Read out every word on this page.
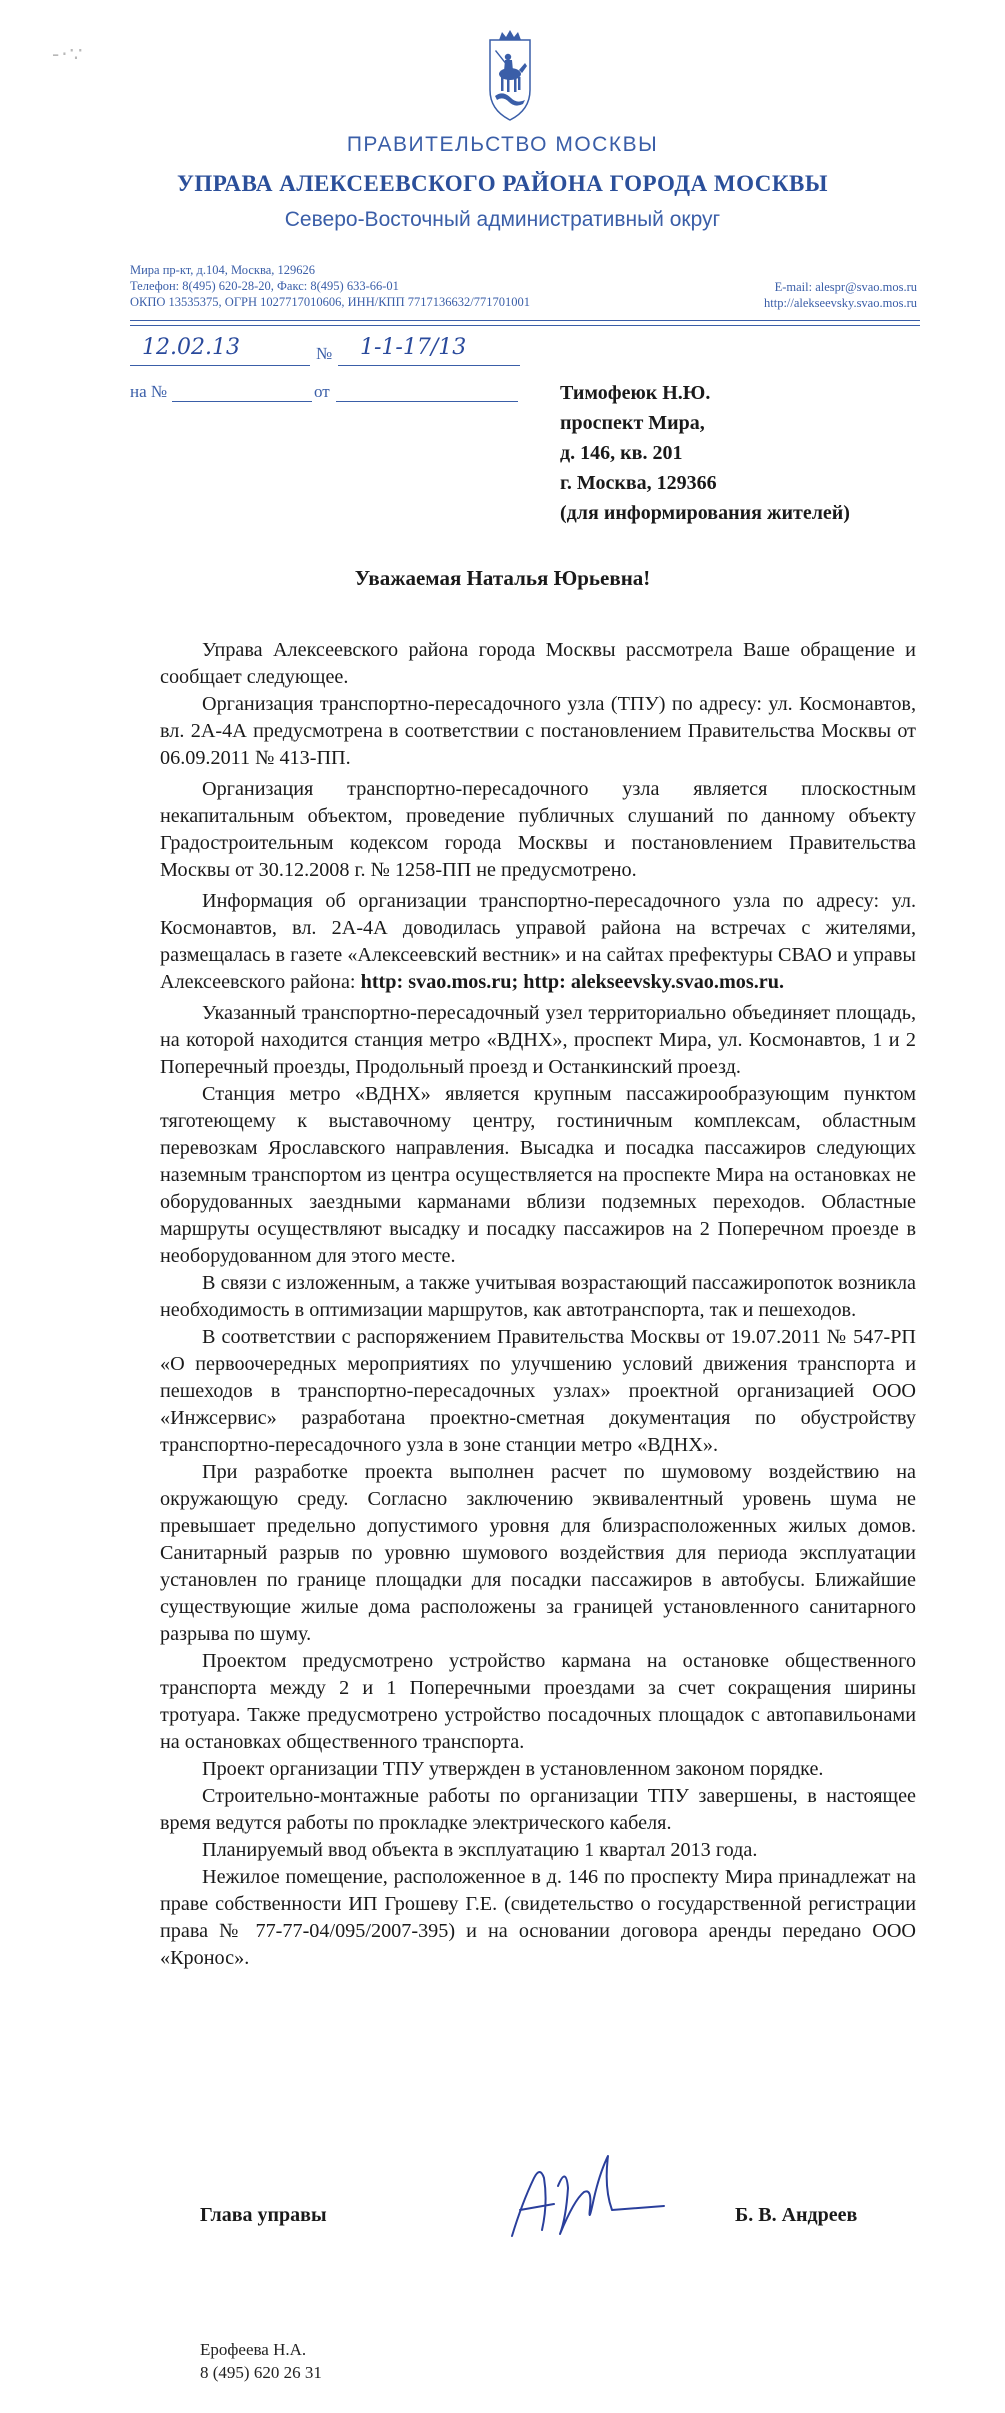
-·∵
ПРАВИТЕЛЬСТВО МОСКВЫ
УПРАВА АЛЕКСЕЕВСКОГО РАЙОНА ГОРОДА МОСКВЫ
Северо-Восточный административный округ
Мира пр-кт, д.104, Москва, 129626
Телефон: 8(495) 620-28-20, Факс: 8(495) 633-66-01
ОКПО 13535375, ОГРН 1027717010606, ИНН/КПП 7717136632/771701001
E-mail: alespr@svao.mos.ru
http://alekseevsky.svao.mos.ru
12.02.13	№ 1-1-17/13
на №	от	Тимофеюк Н.Ю.
проспект Мира,
д. 146, кв. 201
г. Москва, 129366
(для информирования жителей)
Уважаемая Наталья Юрьевна!

Управа Алексеевского района города Москвы рассмотрела Ваше обращение и сообщает следующее.

Организация транспортно-пересадочного узла (ТПУ) по адресу: ул. Космонавтов, вл. 2А-4А предусмотрена в соответствии с постановлением Правительства Москвы от 06.09.2011 № 413-ПП.

Организация транспортно-пересадочного узла является плоскостным некапитальным объектом, проведение публичных слушаний по данному объекту Градостроительным кодексом города Москвы и постановлением Правительства Москвы от 30.12.2008 г. № 1258-ПП не предусмотрено.

Информация об организации транспортно-пересадочного узла по адресу: ул. Космонавтов, вл. 2А-4А доводилась управой района на встречах с жителями, размещалась в газете «Алексеевский вестник» и на сайтах префектуры СВАО и управы Алексеевского района: http: svao.mos.ru; http: alekseevsky.svao.mos.ru.

Указанный транспортно-пересадочный узел территориально объединяет площадь, на которой находится станция метро «ВДНХ», проспект Мира, ул. Космонавтов, 1 и 2 Поперечный проезды, Продольный проезд и Останкинский проезд.

Станция метро «ВДНХ» является крупным пассажирообразующим пунктом тяготеющему к выставочному центру, гостиничным комплексам, областным перевозкам Ярославского направления. Высадка и посадка пассажиров следующих наземным транспортом из центра осуществляется на проспекте Мира на остановках не оборудованных заездными карманами вблизи подземных переходов. Областные маршруты осуществляют высадку и посадку пассажиров на 2 Поперечном проезде в необорудованном для этого месте.

В связи с изложенным, а также учитывая возрастающий пассажиропоток возникла необходимость в оптимизации маршрутов, как автотранспорта, так и пешеходов.

В соответствии с распоряжением Правительства Москвы от 19.07.2011 № 547-РП «О первоочередных мероприятиях по улучшению условий движения транспорта и пешеходов в транспортно-пересадочных узлах» проектной организацией ООО «Инжсервис» разработана проектно-сметная документация по обустройству транспортно-пересадочного узла в зоне станции метро «ВДНХ».

При разработке проекта выполнен расчет по шумовому воздействию на окружающую среду. Согласно заключению эквивалентный уровень шума не превышает предельно допустимого уровня для близрасположенных жилых домов. Санитарный разрыв по уровню шумового воздействия для периода эксплуатации установлен по границе площадки для посадки пассажиров в автобусы. Ближайшие существующие жилые дома расположены за границей установленного санитарного разрыва по шуму.

Проектом предусмотрено устройство кармана на остановке общественного транспорта между 2 и 1 Поперечными проездами за счет сокращения ширины тротуара. Также предусмотрено устройство посадочных площадок с автопавильонами на остановках общественного транспорта.

Проект организации ТПУ утвержден в установленном законом порядке.

Строительно-монтажные работы по организации ТПУ завершены, в настоящее время ведутся работы по прокладке электрического кабеля.

Планируемый ввод объекта в эксплуатацию 1 квартал 2013 года.

Нежилое помещение, расположенное в д. 146 по проспекту Мира принадлежат на праве собственности ИП Грошеву Г.Е. (свидетельство о государственной регистрации права № 77-77-04/095/2007-395) и на основании договора аренды передано ООО «Кронос».

Глава управы	Б. В. Андреев
Ерофеева Н.А.
8 (495) 620 26 31
